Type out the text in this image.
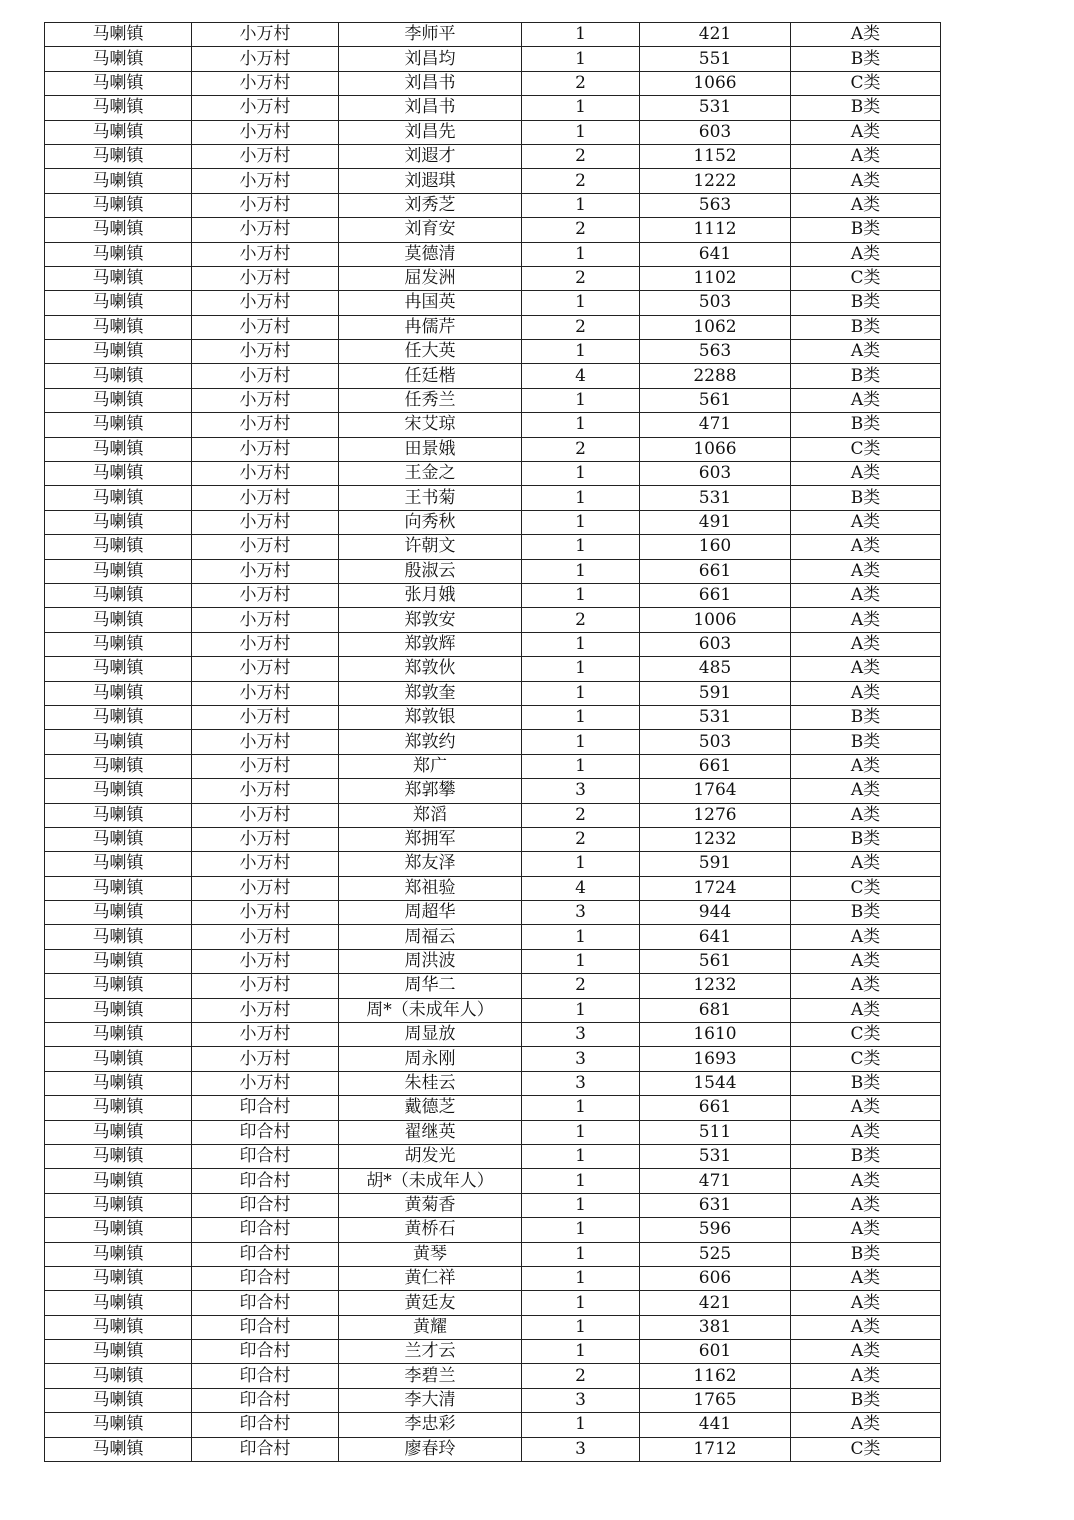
马喇镇	小万村	李师平	1	421	A类
马喇镇	小万村	刘昌均	1	551	B类
马喇镇	小万村	刘昌书	2	1066	C类
马喇镇	小万村	刘昌书	1	531	B类
马喇镇	小万村	刘昌先	1	603	A类
马喇镇	小万村	刘遐才	2	1152	A类
马喇镇	小万村	刘遐琪	2	1222	A类
马喇镇	小万村	刘秀芝	1	563	A类
马喇镇	小万村	刘育安	2	1112	B类
马喇镇	小万村	莫德清	1	641	A类
马喇镇	小万村	屈发洲	2	1102	C类
马喇镇	小万村	冉国英	1	503	B类
马喇镇	小万村	冉儒芹	2	1062	B类
马喇镇	小万村	任大英	1	563	A类
马喇镇	小万村	任廷楷	4	2288	B类
马喇镇	小万村	任秀兰	1	561	A类
马喇镇	小万村	宋艾琼	1	471	B类
马喇镇	小万村	田景娥	2	1066	C类
马喇镇	小万村	王金之	1	603	A类
马喇镇	小万村	王书菊	1	531	B类
马喇镇	小万村	向秀秋	1	491	A类
马喇镇	小万村	许朝文	1	160	A类
马喇镇	小万村	殷淑云	1	661	A类
马喇镇	小万村	张月娥	1	661	A类
马喇镇	小万村	郑敦安	2	1006	A类
马喇镇	小万村	郑敦辉	1	603	A类
马喇镇	小万村	郑敦伙	1	485	A类
马喇镇	小万村	郑敦奎	1	591	A类
马喇镇	小万村	郑敦银	1	531	B类
马喇镇	小万村	郑敦约	1	503	B类
马喇镇	小万村	郑广	1	661	A类
马喇镇	小万村	郑郭攀	3	1764	A类
马喇镇	小万村	郑滔	2	1276	A类
马喇镇	小万村	郑拥军	2	1232	B类
马喇镇	小万村	郑友泽	1	591	A类
马喇镇	小万村	郑祖验	4	1724	C类
马喇镇	小万村	周超华	3	944	B类
马喇镇	小万村	周福云	1	641	A类
马喇镇	小万村	周洪波	1	561	A类
马喇镇	小万村	周华二	2	1232	A类
马喇镇	小万村	周*（未成年人）	1	681	A类
马喇镇	小万村	周显放	3	1610	C类
马喇镇	小万村	周永刚	3	1693	C类
马喇镇	小万村	朱桂云	3	1544	B类
马喇镇	印合村	戴德芝	1	661	A类
马喇镇	印合村	翟继英	1	511	A类
马喇镇	印合村	胡发光	1	531	B类
马喇镇	印合村	胡*（未成年人）	1	471	A类
马喇镇	印合村	黄菊香	1	631	A类
马喇镇	印合村	黄桥石	1	596	A类
马喇镇	印合村	黄琴	1	525	B类
马喇镇	印合村	黄仁祥	1	606	A类
马喇镇	印合村	黄廷友	1	421	A类
马喇镇	印合村	黄耀	1	381	A类
马喇镇	印合村	兰才云	1	601	A类
马喇镇	印合村	李碧兰	2	1162	A类
马喇镇	印合村	李大清	3	1765	B类
马喇镇	印合村	李忠彩	1	441	A类
马喇镇	印合村	廖春玲	3	1712	C类
